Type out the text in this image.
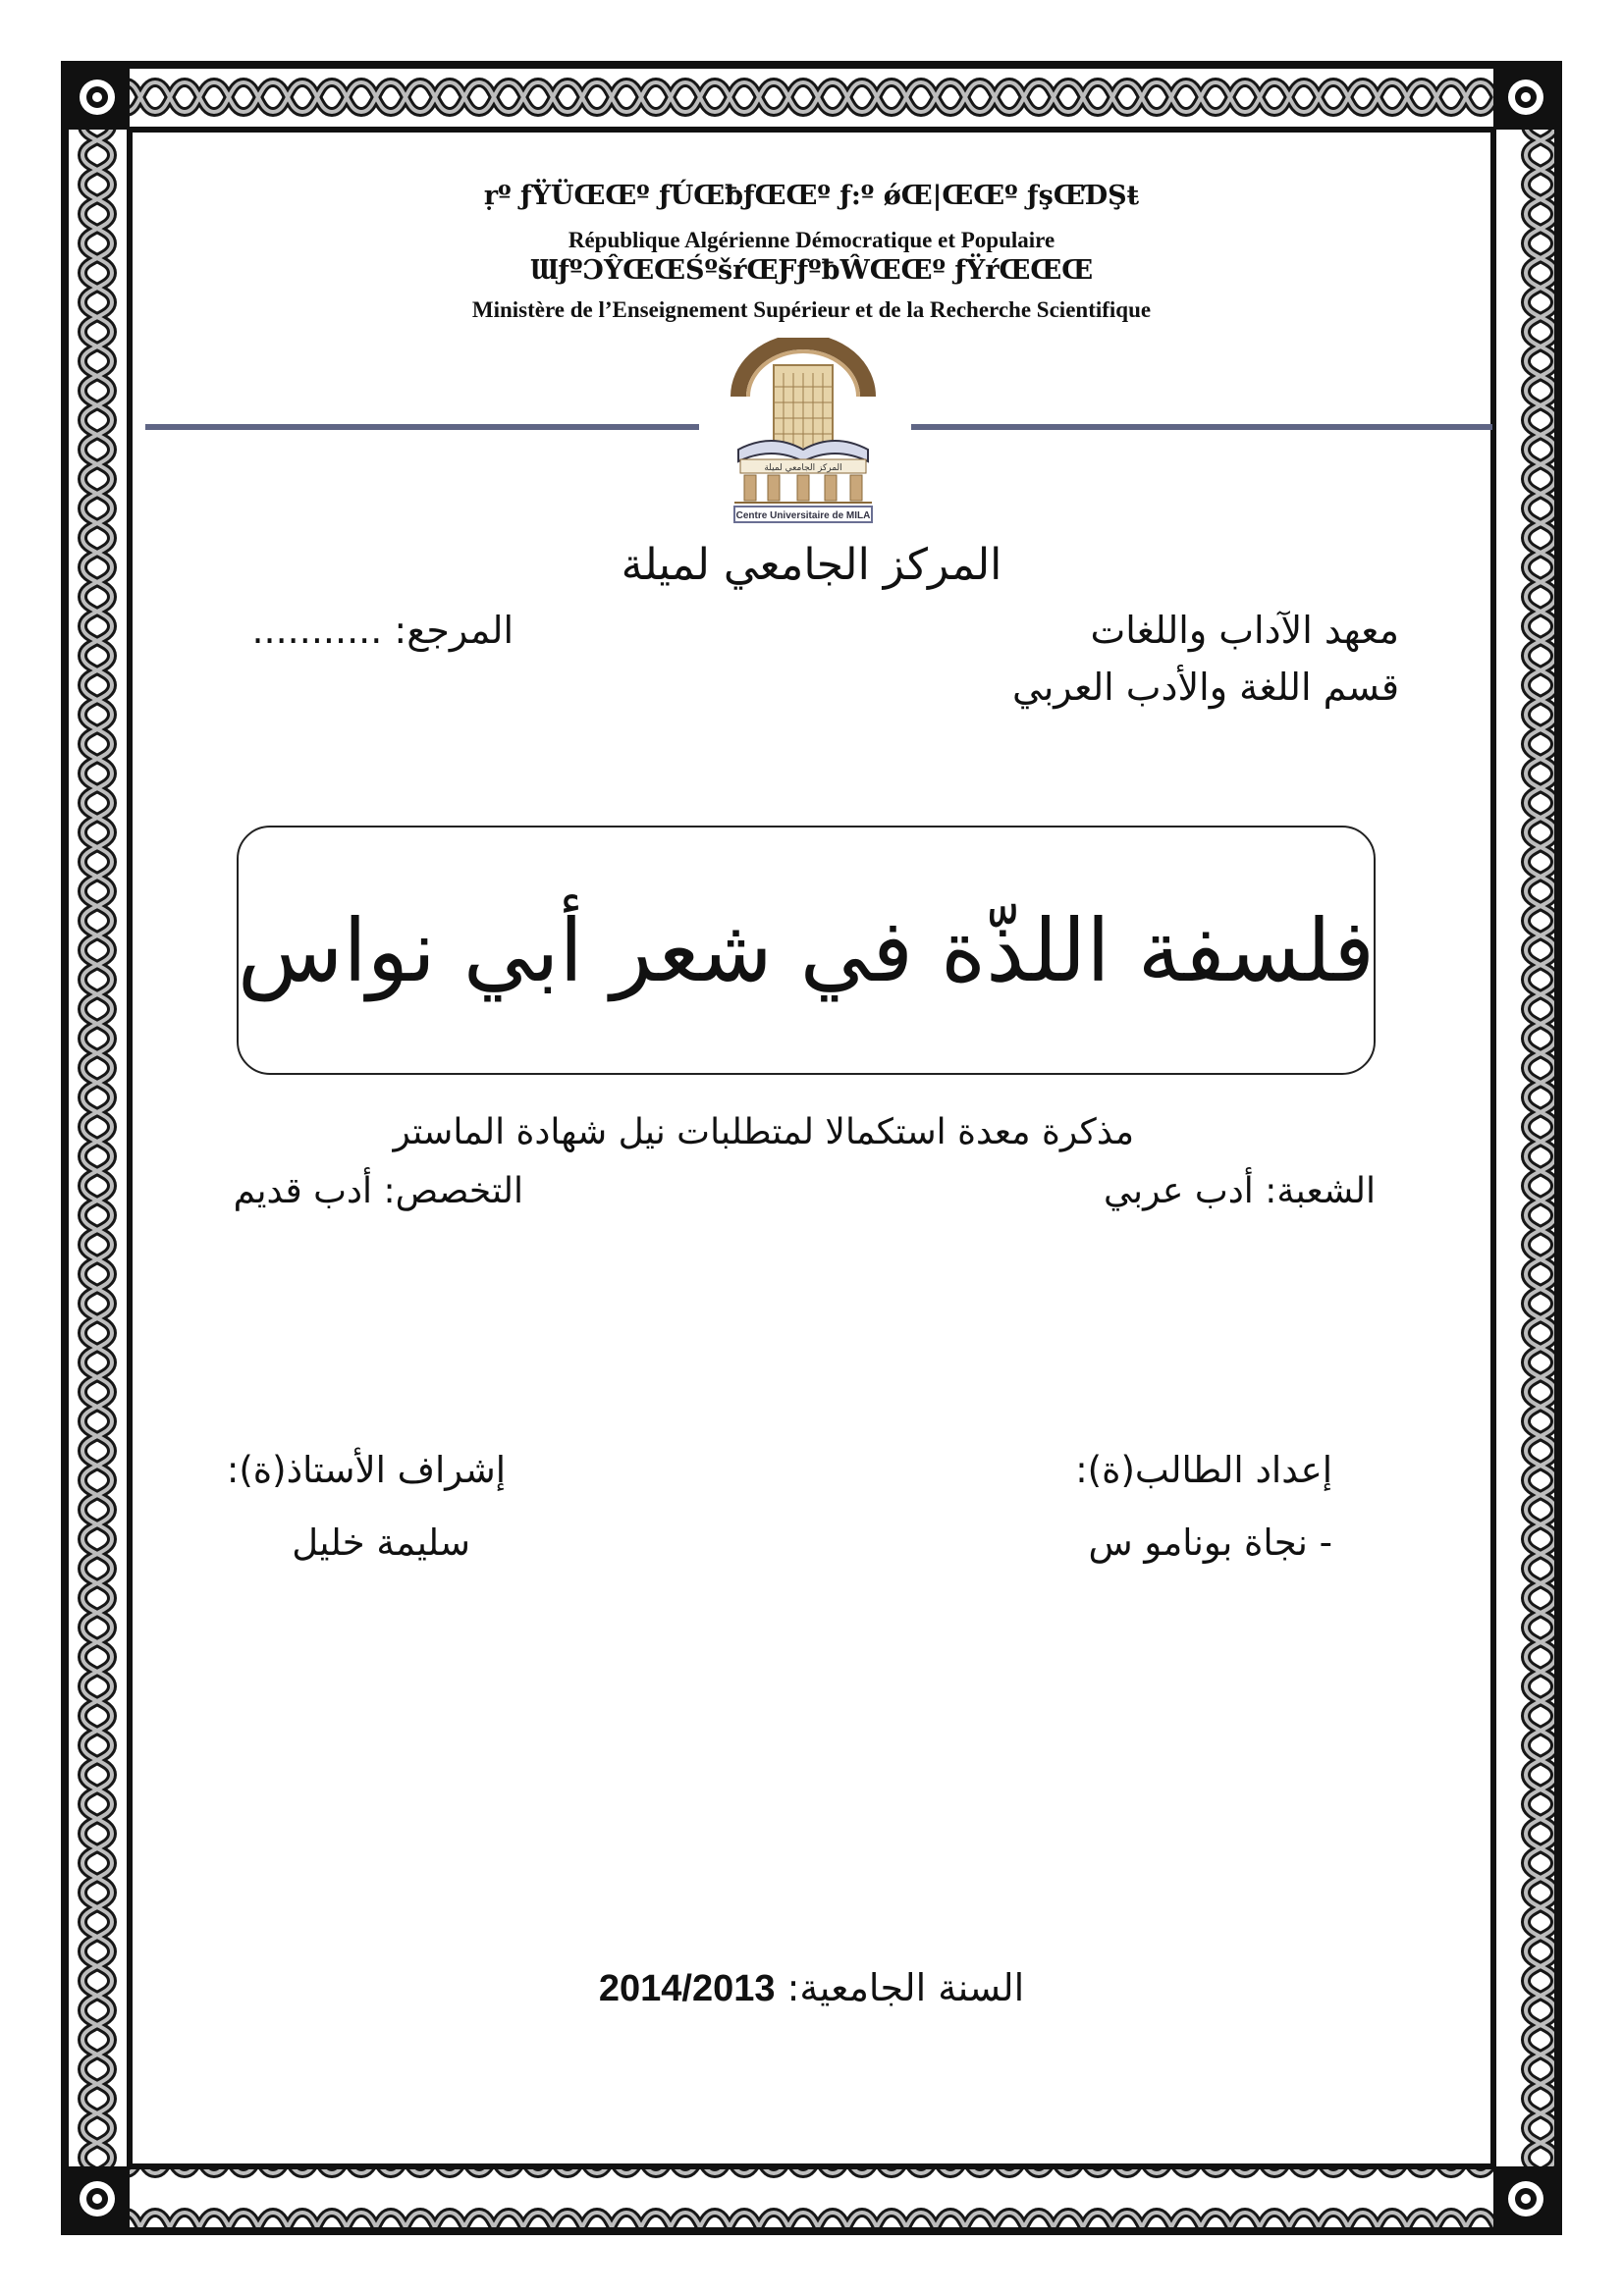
ṛº ƒŸÜŒŒº ƒÚŒƀƒŒŒº ƒ:º ǿŒ|ŒŒº ƒşŒƊŞŧ
République Algérienne Démocratique et Populaire
ƜƒºƆŶŒŒŚºšŕŒƑƒºƀŴŒŒº ƒŸŕŒŒŒ
Ministère de l’Enseignement Supérieur et de la Recherche Scientifique
المركز الجامعي لميلة
Centre Universitaire de MILA
المركز الجامعي لميلة
معهد الآداب واللغات
قسم اللغة والأدب العربي
المرجع: ...........
فلسفة اللذّة في شعر أبي نواس
مذكرة معدة استكمالا لمتطلبات نيل شهادة الماستر
الشعبة: أدب عربي
التخصص: أدب قديم
إعداد الطالب(ة):
- نجاة بونامو س
إشراف الأستاذ(ة):
سليمة خليل
السنة الجامعية: 2014/2013
